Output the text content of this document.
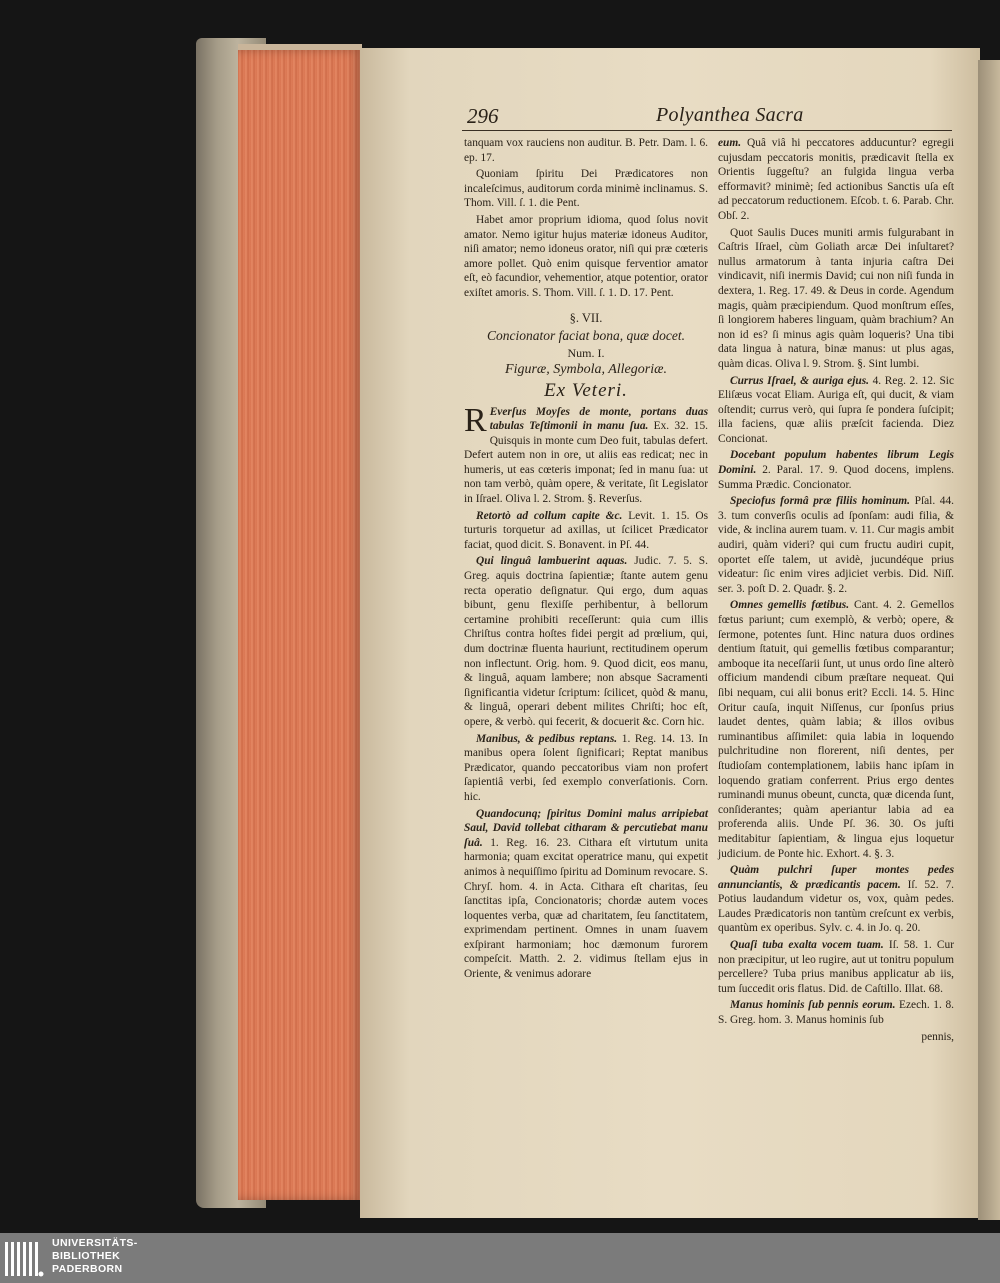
296	Polyanthea Sacra

tanquam vox rauciens non auditur. B. Petr. Dam. l. 6. ep. 17.

Quoniam ſpiritu Dei Prædicatores non incaleſcimus, auditorum corda minimè inclinamus. S. Thom. Vill. ſ. 1. die Pent.

Habet amor proprium idioma, quod ſolus novit amator. Nemo igitur hujus materiæ idoneus Auditor, niſi amator; nemo idoneus orator, niſi qui præ cœteris amore pollet. Quò enim quisque ferventior amator eſt, eò facundior, vehementior, atque potentior, orator exiſtet amoris. S. Thom. Vill. ſ. 1. D. 17. Pent.

§. VII.
Concionator faciat bona, quæ docet.
Num. I.
Figuræ, Symbola, Allegoriæ.
Ex Veteri.

R Everſus Moyſes de monte, portans duas tabulas Teſtimonii in manu ſua. Ex. 32. 15. Quisquis in monte cum Deo fuit, tabulas defert. Defert autem non in ore, ut aliis eas redicat; nec in humeris, ut eas cœteris imponat; ſed in manu ſua: ut non tam verbò, quàm opere, & veritate, ſit Legislator in Iſrael. Oliva l. 2. Strom. §. Reverſus.

Retortò ad collum capite &c. Levit. 1. 15. Os turturis torquetur ad axillas, ut ſcilicet Prædicator faciat, quod dicit. S. Bonavent. in Pſ. 44.

Qui linguâ lambuerint aquas. Judic. 7. 5. S. Greg. aquis doctrina ſapientiæ; ſtante autem genu recta operatio deſignatur. Qui ergo, dum aquas bibunt, genu flexiſſe perhibentur, à bellorum certamine prohibiti receſſerunt: quia cum illis Chriſtus contra hoſtes fidei pergit ad prœlium, qui, dum doctrinæ fluenta hauriunt, rectitudinem operum non inflectunt. Orig. hom. 9. Quod dicit, eos manu, & linguâ, aquam lambere; non absque Sacramenti ſignificantia videtur ſcriptum: ſcilicet, quòd & manu, & linguâ, operari debent milites Chriſti; hoc eſt, opere, & verbò. qui fecerit, & docuerit &c. Corn hic.

Manibus, & pedibus reptans. 1. Reg. 14. 13. In manibus opera ſolent ſignificari; Reptat manibus Prædicator, quando peccatoribus viam non profert ſapientiâ verbi, ſed exemplo converſationis. Corn. hic.

Quandocunq; ſpiritus Domini malus arripiebat Saul, David tollebat citharam & percutiebat manu ſuâ. 1. Reg. 16. 23. Cithara eſt virtutum unita harmonia; quam excitat operatrice manu, qui expetit animos à nequiſſimo ſpiritu ad Dominum revocare. S. Chryſ. hom. 4. in Acta. Cithara eſt charitas, ſeu ſanctitas ipſa, Concionatoris; chordæ autem voces loquentes verba, quæ ad charitatem, ſeu ſanctitatem, exprimendam pertinent. Omnes in unam ſuavem exſpirant harmoniam; hoc dæmonum furorem compeſcit. Matth. 2. 2. vidimus ſtellam ejus in Oriente, & venimus adorare

eum. Quâ viâ hi peccatores adducuntur? egregii cujusdam peccatoris monitis, prædicavit ſtella ex Orientis ſuggeſtu? an fulgida lingua verba efformavit? minimè; ſed actionibus Sanctis uſa eſt ad peccatorum reductionem. Eſcob. t. 6. Parab. Chr. Obſ. 2.

Quot Saulis Duces muniti armis fulgurabant in Caſtris Iſrael, cùm Goliath arcæ Dei inſultaret? nullus armatorum à tanta injuria caſtra Dei vindicavit, niſi inermis David; cui non niſi funda in dextera, 1. Reg. 17. 49. & Deus in corde. Agendum magis, quàm præcipiendum. Quod monſtrum eſſes, ſi longiorem haberes linguam, quàm brachium? An non id es? ſi minus agis quàm loqueris? Una tibi data lingua à natura, binæ manus: ut plus agas, quàm dicas. Oliva l. 9. Strom. §. Sint lumbi.

Currus Iſrael, & auriga ejus. 4. Reg. 2. 12. Sic Eliſæus vocat Eliam. Auriga eſt, qui ducit, & viam oſtendit; currus verò, qui ſupra ſe pondera ſuſcipit; illa faciens, quæ aliis præſcit facienda. Diez Concionat.

Docebant populum habentes librum Legis Domini. 2. Paral. 17. 9. Quod docens, implens. Summa Prædic. Concionator.

Speciofus formâ præ filiis hominum. Pſal. 44. 3. tum converſis oculis ad ſponſam: audi filia, & vide, & inclina aurem tuam. v. 11. Cur magis ambit audiri, quàm videri? qui cum fructu audiri cupit, oportet eſſe talem, ut avidè, jucundéque prius videatur: ſic enim vires adjiciet verbis. Did. Niſſ. ser. 3. poſt D. 2. Quadr. §. 2.

Omnes gemellis fœtibus. Cant. 4. 2. Gemellos fœtus pariunt; cum exemplò, & verbò; opere, & ſermone, potentes ſunt. Hinc natura duos ordines dentium ſtatuit, qui gemellis fœtibus comparantur; amboque ita neceſſarii ſunt, ut unus ordo ſine alterò officium mandendi cibum præſtare nequeat. Qui ſibi nequam, cui alii bonus erit? Eccli. 14. 5. Hinc Oritur cauſa, inquit Niſſenus, cur ſponſus prius laudet dentes, quàm labia; & illos ovibus ruminantibus aſſimilet: quia labia in loquendo pulchritudine non florerent, niſi dentes, per ſtudioſam contemplationem, labiis hanc ipſam in loquendo gratiam conferrent. Prius ergo dentes ruminandi munus obeunt, cuncta, quæ dicenda ſunt, conſiderantes; quàm aperiantur labia ad ea proferenda aliis. Unde Pſ. 36. 30. Os juſti meditabitur ſapientiam, & lingua ejus loquetur judicium. de Ponte hic. Exhort. 4. §. 3.

Quàm pulchri ſuper montes pedes annunciantis, & prædicantis pacem. Iſ. 52. 7. Potius laudandum videtur os, vox, quàm pedes. Laudes Prædicatoris non tantùm creſcunt ex verbis, quantùm ex operibus. Sylv. c. 4. in Jo. q. 20.

Quaſi tuba exalta vocem tuam. Iſ. 58. 1. Cur non præcipitur, ut leo rugire, aut ut tonitru populum percellere? Tuba prius manibus applicatur ab iis, tum ſuccedit oris flatus. Did. de Caſtillo. Illat. 68.

Manus hominis ſub pennis eorum. Ezech. 1. 8. S. Greg. hom. 3. Manus hominis ſub

pennis,

UNIVERSITÄTS-
BIBLIOTHEK
PADERBORN
